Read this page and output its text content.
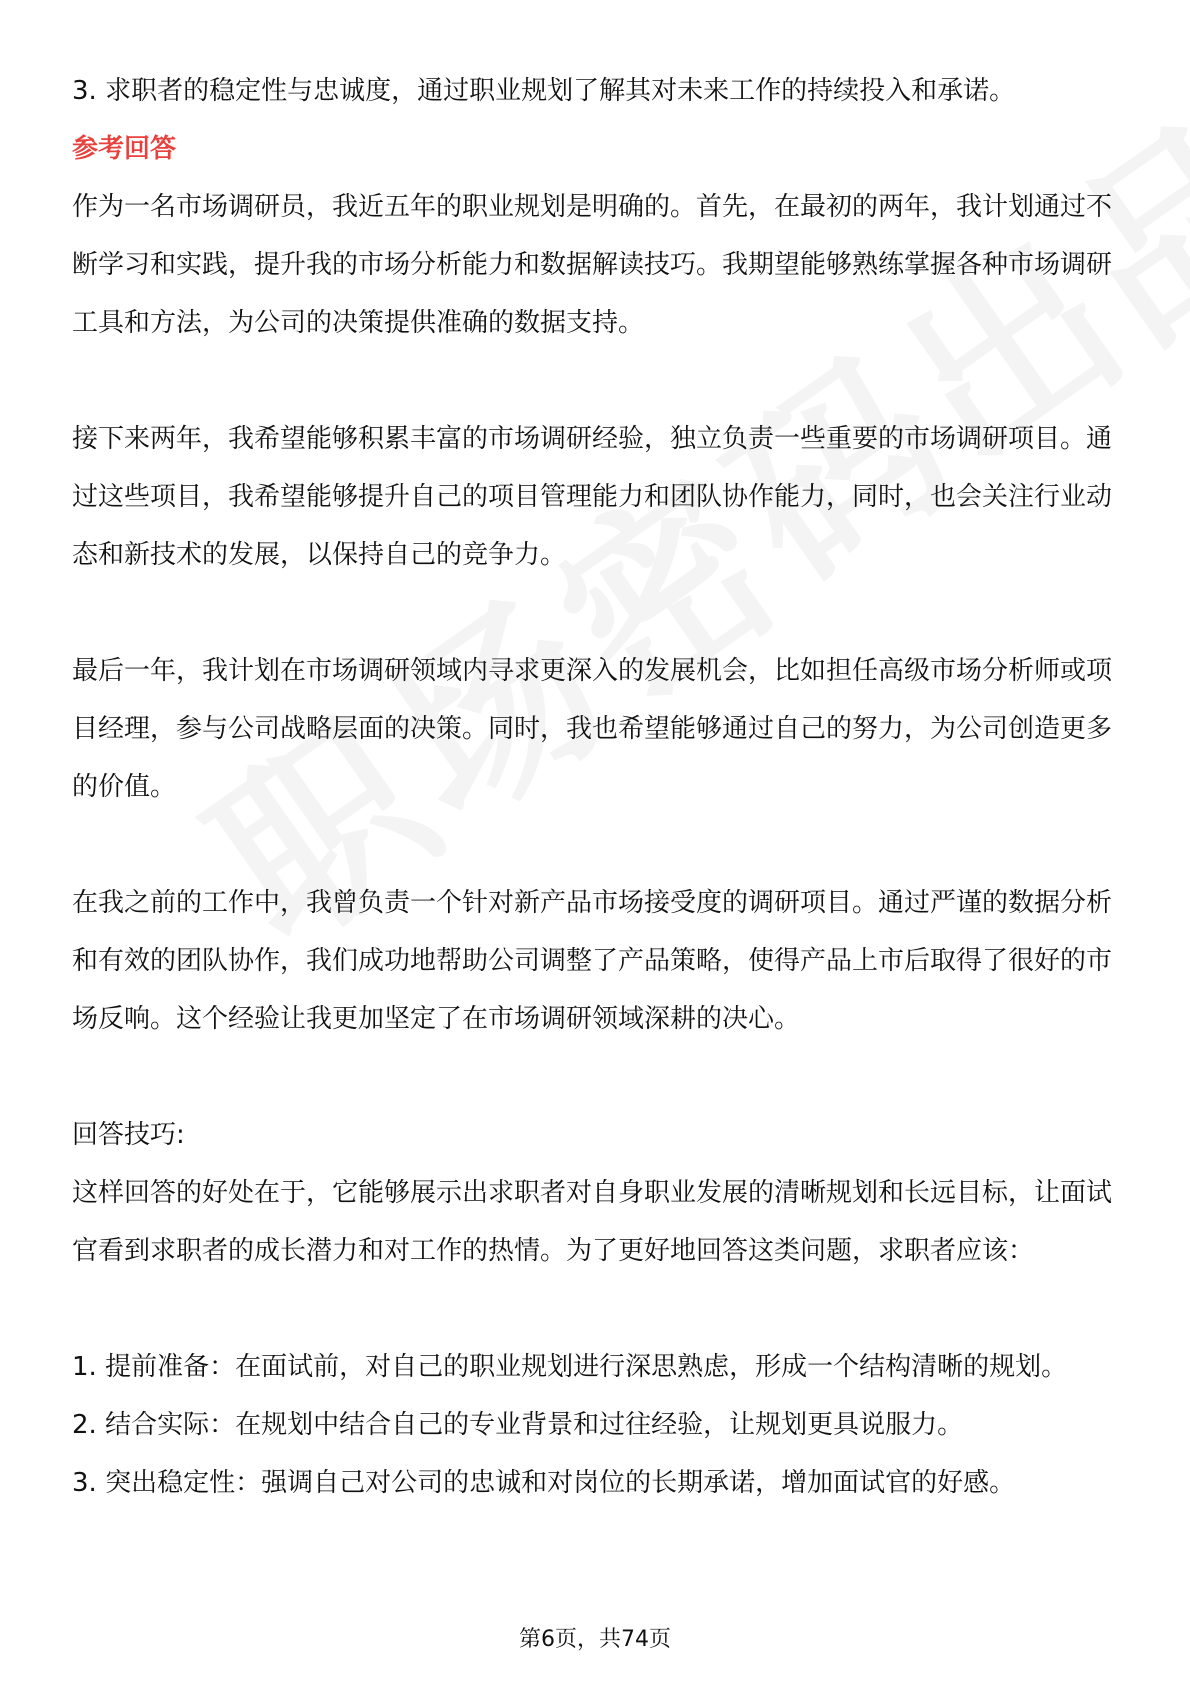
3. 求职者的稳定性与忠诚度，通过职业规划了解其对未来工作的持续投入和承诺。

参考回答

作为一名市场调研员，我近五年的职业规划是明确的。首先，在最初的两年，我计划通过不断学习和实践，提升我的市场分析能力和数据解读技巧。我期望能够熟练掌握各种市场调研工具和方法，为公司的决策提供准确的数据支持。

接下来两年，我希望能够积累丰富的市场调研经验，独立负责一些重要的市场调研项目。通过这些项目，我希望能够提升自己的项目管理能力和团队协作能力，同时，也会关注行业动态和新技术的发展，以保持自己的竞争力。

最后一年，我计划在市场调研领域内寻求更深入的发展机会，比如担任高级市场分析师或项目经理，参与公司战略层面的决策。同时，我也希望能够通过自己的努力，为公司创造更多的价值。

在我之前的工作中，我曾负责一个针对新产品市场接受度的调研项目。通过严谨的数据分析和有效的团队协作，我们成功地帮助公司调整了产品策略，使得产品上市后取得了很好的市场反响。这个经验让我更加坚定了在市场调研领域深耕的决心。

回答技巧:

这样回答的好处在于，它能够展示出求职者对自身职业发展的清晰规划和长远目标，让面试官看到求职者的成长潜力和对工作的热情。为了更好地回答这类问题，求职者应该：

1. 提前准备：在面试前，对自己的职业规划进行深思熟虑，形成一个结构清晰的规划。

2. 结合实际：在规划中结合自己的专业背景和过往经验，让规划更具说服力。

3. 突出稳定性：强调自己对公司的忠诚和对岗位的长期承诺，增加面试官的好感。

第6页，共74页
